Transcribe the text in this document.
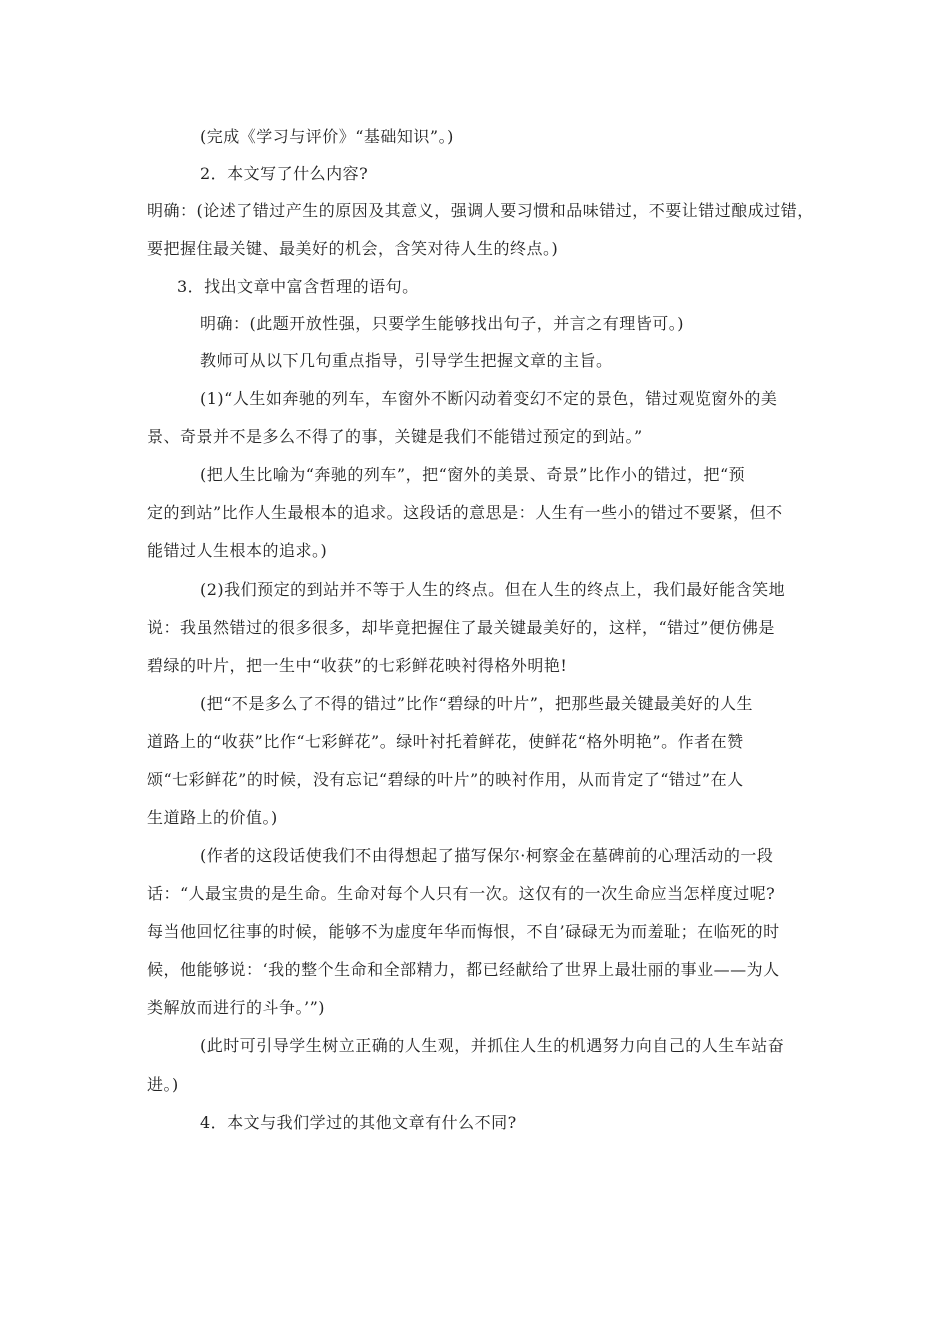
(完成《学习与评价》“基础知识”。)

2．本文写了什么内容?

明确：(论述了错过产生的原因及其意义，强调人要习惯和品味错过，不要让错过酿成过错，

要把握住最关键、最美好的机会，含笑对待人生的终点。)

3．找出文章中富含哲理的语句。

明确：(此题开放性强，只要学生能够找出句子，并言之有理皆可。)

教师可从以下几句重点指导，引导学生把握文章的主旨。

(1)“人生如奔驰的列车，车窗外不断闪动着变幻不定的景色，错过观览窗外的美

景、奇景并不是多么不得了的事，关键是我们不能错过预定的到站。”

(把人生比喻为“奔驰的列车”，把“窗外的美景、奇景”比作小的错过，把“预

定的到站”比作人生最根本的追求。这段话的意思是：人生有一些小的错过不要紧，但不

能错过人生根本的追求。)

(2)我们预定的到站并不等于人生的终点。但在人生的终点上，我们最好能含笑地

说：我虽然错过的很多很多，却毕竟把握住了最关键最美好的，这样，“错过”便仿佛是

碧绿的叶片，把一生中“收获”的七彩鲜花映衬得格外明艳!

(把“不是多么了不得的错过”比作“碧绿的叶片”，把那些最关键最美好的人生

道路上的“收获”比作“七彩鲜花”。绿叶衬托着鲜花，使鲜花“格外明艳”。作者在赞

颂“七彩鲜花”的时候，没有忘记“碧绿的叶片”的映衬作用，从而肯定了“错过”在人

生道路上的价值。)

(作者的这段话使我们不由得想起了描写保尔·柯察金在墓碑前的心理活动的一段

话：“人最宝贵的是生命。生命对每个人只有一次。这仅有的一次生命应当怎样度过呢?

每当他回忆往事的时候，能够不为虚度年华而悔恨，不自’碌碌无为而羞耻；在临死的时

候，他能够说：‘我的整个生命和全部精力，都已经献给了世界上最壮丽的事业——为人

类解放而进行的斗争。’”)

(此时可引导学生树立正确的人生观，并抓住人生的机遇努力向自己的人生车站奋

进。)

4．本文与我们学过的其他文章有什么不同?
